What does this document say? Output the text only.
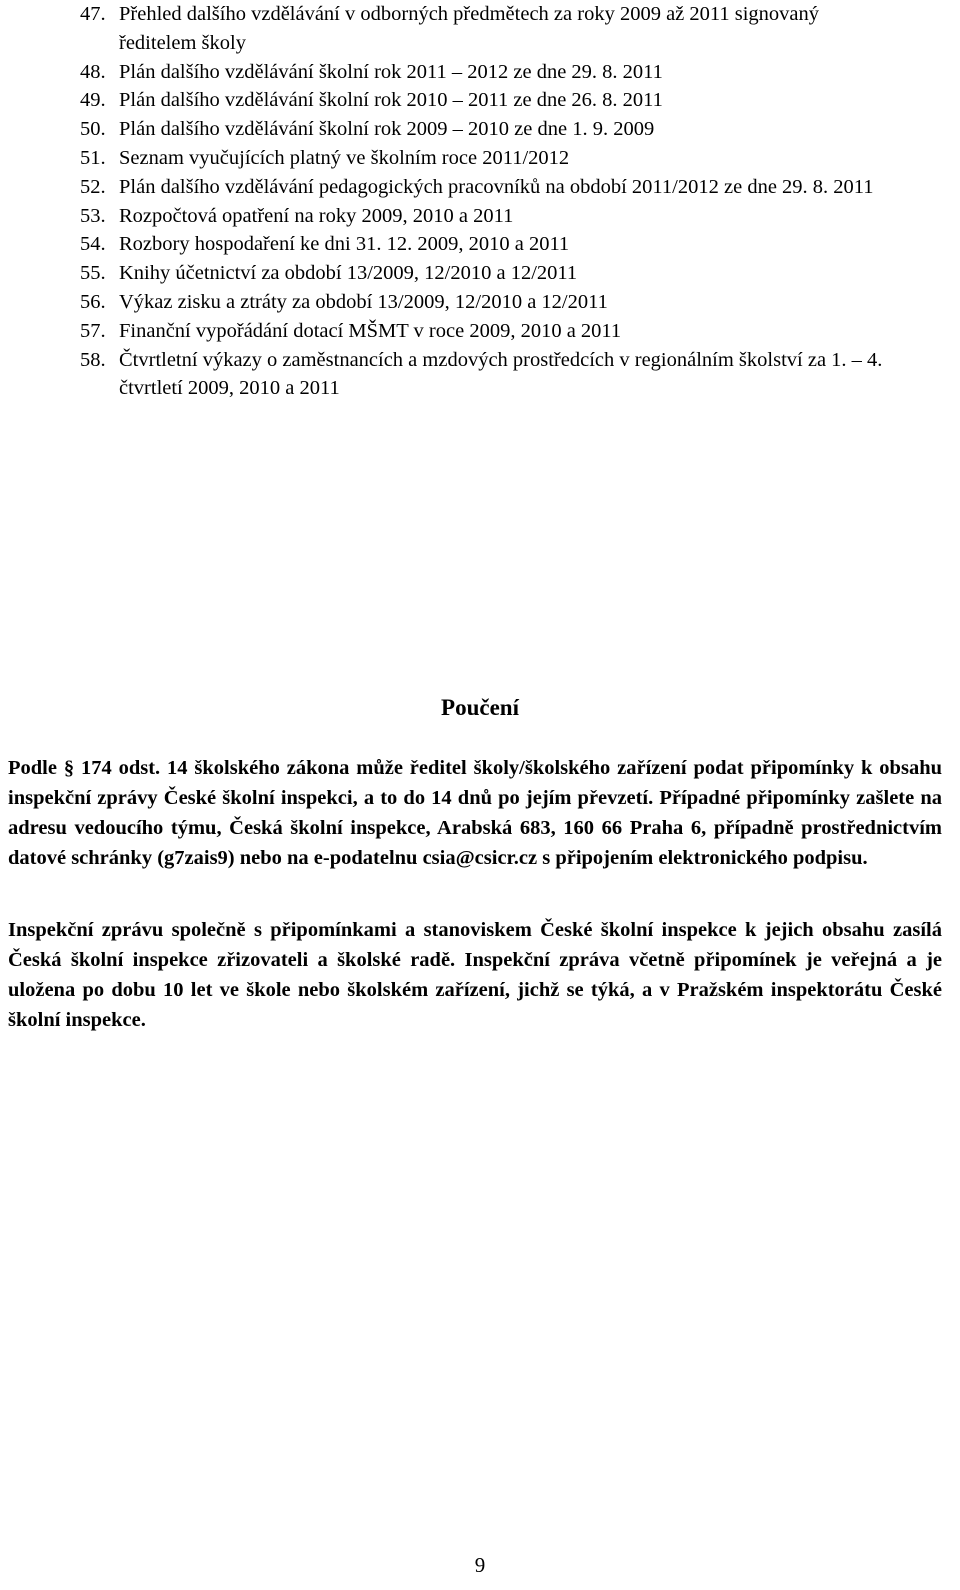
47. Přehled dalšího vzdělávání v odborných předmětech za roky 2009 až 2011 signovaný ředitelem školy
48. Plán dalšího vzdělávání školní rok 2011 – 2012 ze dne 29. 8. 2011
49. Plán dalšího vzdělávání školní rok 2010 – 2011 ze dne 26. 8. 2011
50. Plán dalšího vzdělávání školní rok 2009 – 2010 ze dne 1. 9. 2009
51. Seznam vyučujících platný ve školním roce 2011/2012
52. Plán dalšího vzdělávání pedagogických pracovníků na období 2011/2012 ze dne 29. 8. 2011
53. Rozpočtová opatření na roky 2009, 2010 a 2011
54. Rozbory hospodaření ke dni 31. 12. 2009, 2010 a 2011
55. Knihy účetnictví za období 13/2009, 12/2010 a 12/2011
56. Výkaz zisku a ztráty za období 13/2009, 12/2010 a 12/2011
57. Finanční vypořádání dotací MŠMT v roce 2009, 2010 a 2011
58. Čtvrtletní výkazy o zaměstnancích a mzdových prostředcích v regionálním školství za 1. – 4. čtvrtletí 2009, 2010 a 2011
Poučení

Podle § 174 odst. 14 školského zákona může ředitel školy/školského zařízení podat připomínky k obsahu inspekční zprávy České školní inspekci, a to do 14 dnů po jejím převzetí. Případné připomínky zašlete na adresu vedoucího týmu, Česká školní inspekce, Arabská 683, 160 66 Praha 6, případně prostřednictvím datové schránky (g7zais9) nebo na e-podatelnu csia@csicr.cz s připojením elektronického podpisu.

Inspekční zprávu společně s připomínkami a stanoviskem České školní inspekce k jejich obsahu zasílá Česká školní inspekce zřizovateli a školské radě. Inspekční zpráva včetně připomínek je veřejná a je uložena po dobu 10 let ve škole nebo školském zařízení, jichž se týká, a v Pražském inspektorátu České školní inspekce.

9
